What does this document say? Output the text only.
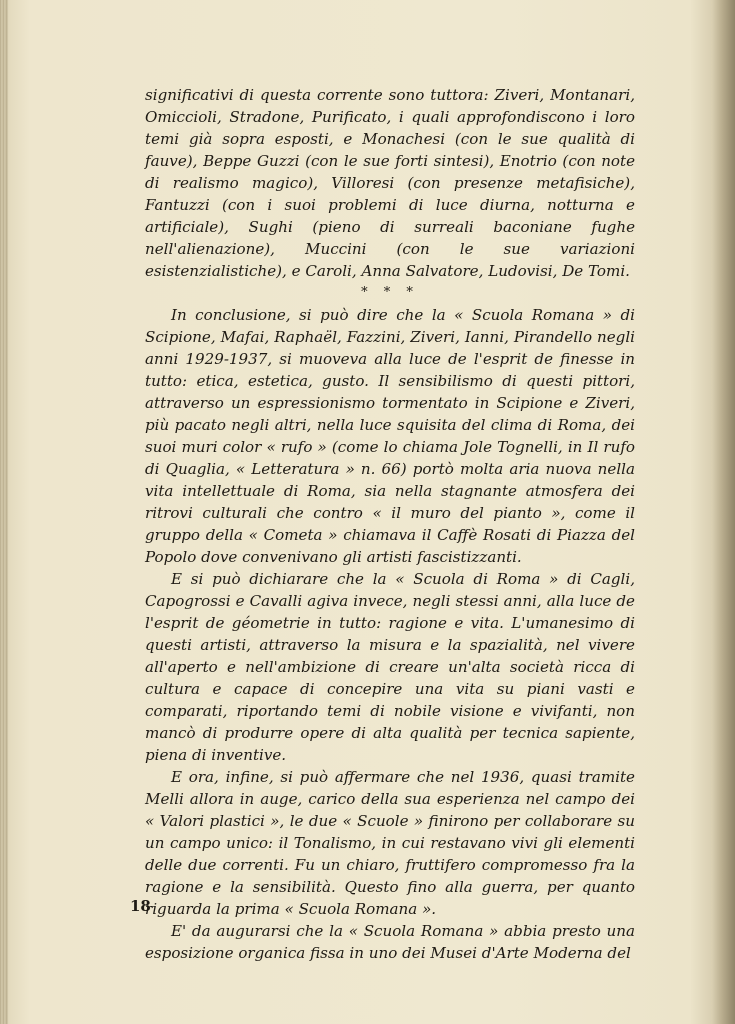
significativi di questa corrente sono tuttora: Ziveri, Montanari, Omiccioli, Stradone, Purificato, i quali approfondiscono i loro temi già sopra esposti, e Monachesi (con le sue qualità di fauve), Beppe Guzzi (con le sue forti sintesi), Enotrio (con note di realismo magico), Villoresi (con presenze metafisiche), Fantuzzi (con i suoi problemi di luce diurna, notturna e artificiale), Sughi (pieno di surreali baconiane fughe nell'alienazione), Muccini (con le sue variazioni esistenzialistiche), e Caroli, Anna Salvatore, Ludovisi, De Tomi.

* * *

In conclusione, si può dire che la « Scuola Romana » di Scipione, Mafai, Raphaël, Fazzini, Ziveri, Ianni, Pirandello negli anni 1929-1937, si muoveva alla luce de l'esprit de finesse in tutto: etica, estetica, gusto. Il sensibilismo di questi pittori, attraverso un espressionismo tormentato in Scipione e Ziveri, più pacato negli altri, nella luce squisita del clima di Roma, dei suoi muri color « rufo » (come lo chiama Jole Tognelli, in Il rufo di Quaglia, « Letteratura » n. 66) portò molta aria nuova nella vita intellettuale di Roma, sia nella stagnante atmosfera dei ritrovi culturali che contro « il muro del pianto », come il gruppo della « Cometa » chiamava il Caffè Rosati di Piazza del Popolo dove convenivano gli artisti fascistizzanti.

E si può dichiarare che la « Scuola di Roma » di Cagli, Capogrossi e Cavalli agiva invece, negli stessi anni, alla luce de l'esprit de géometrie in tutto: ragione e vita. L'umanesimo di questi artisti, attraverso la misura e la spazialità, nel vivere all'aperto e nell'ambizione di creare un'alta società ricca di cultura e capace di concepire una vita su piani vasti e comparati, riportando temi di nobile visione e vivifanti, non mancò di produrre opere di alta qualità per tecnica sapiente, piena di inventive.

E ora, infine, si può affermare che nel 1936, quasi tramite Melli allora in auge, carico della sua esperienza nel campo dei « Valori plastici », le due « Scuole » finirono per collaborare su un campo unico: il Tonalismo, in cui restavano vivi gli elementi delle due correnti. Fu un chiaro, fruttifero compromesso fra la ragione e la sensibilità. Questo fino alla guerra, per quanto riguarda la prima « Scuola Romana ».

E' da augurarsi che la « Scuola Romana » abbia presto una esposizione organica fissa in uno dei Musei d'Arte Moderna del

18
